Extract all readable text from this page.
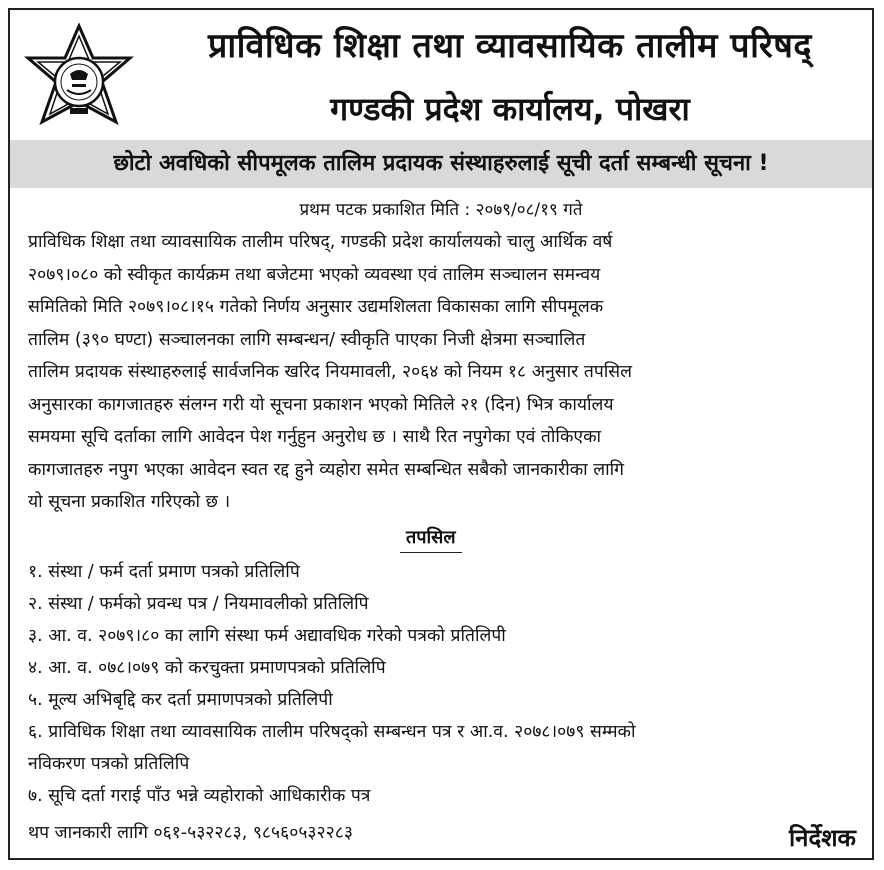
प्राविधिक शिक्षा तथा व्यावसायिक तालीम परिषद्
गण्डकी प्रदेश कार्यालय, पोखरा
छोटो अवधिको सीपमूलक तालिम प्रदायक संस्थाहरुलाई सूची दर्ता सम्बन्धी सूचना !
प्रथम पटक प्रकाशित मिति : २०७९/०८/१९ गते
प्राविधिक शिक्षा तथा व्यावसायिक तालीम परिषद्, गण्डकी प्रदेश कार्यालयको चालु आर्थिक वर्ष
२०७९।०८० को स्वीकृत कार्यक्रम तथा बजेटमा भएको व्यवस्था एवं तालिम सञ्चालन समन्वय
समितिको मिति २०७९।०८।१५ गतेको निर्णय अनुसार उद्यमशिलता विकासका लागि सीपमूलक
तालिम (३९० घण्टा) सञ्चालनका लागि सम्बन्धन/ स्वीकृति पाएका निजी क्षेत्रमा सञ्चालित
तालिम प्रदायक संस्थाहरुलाई सार्वजनिक खरिद नियमावली, २०६४ को नियम १८ अनुसार तपसिल
अनुसारका कागजातहरु संलग्न गरी यो सूचना प्रकाशन भएको मितिले २१ (दिन) भित्र कार्यालय
समयमा सूचि दर्ताका लागि आवेदन पेश गर्नुहुन अनुरोध छ । साथै रित नपुगेका एवं तोकिएका
कागजातहरु नपुग भएका आवेदन स्वत रद्द हुने व्यहोरा समेत सम्बन्धित सबैको जानकारीका लागि
यो सूचना प्रकाशित गरिएको छ ।
तपसिल
१. संस्था / फर्म दर्ता प्रमाण पत्रको प्रतिलिपि
२. संस्था / फर्मको प्रवन्ध पत्र / नियमावलीको प्रतिलिपि
३. आ. व. २०७९।८० का लागि संस्था फर्म अद्यावधिक गरेको पत्रको प्रतिलिपी
४. आ. व. ०७८।०७९ को करचुक्ता प्रमाणपत्रको प्रतिलिपि
५. मूल्य अभिबृद्दि कर दर्ता प्रमाणपत्रको प्रतिलिपी
६. प्राविधिक शिक्षा तथा व्यावसायिक तालीम परिषद्को सम्बन्धन पत्र र आ.व. २०७८।०७९ सम्मको
नविकरण पत्रको प्रतिलिपि
७. सूचि दर्ता गराई पाँउ भन्ने व्यहोराको आधिकारीक पत्र
थप जानकारी लागि ०६१-५३२२८३, ९८५६०५३२२८३	निर्देशक
